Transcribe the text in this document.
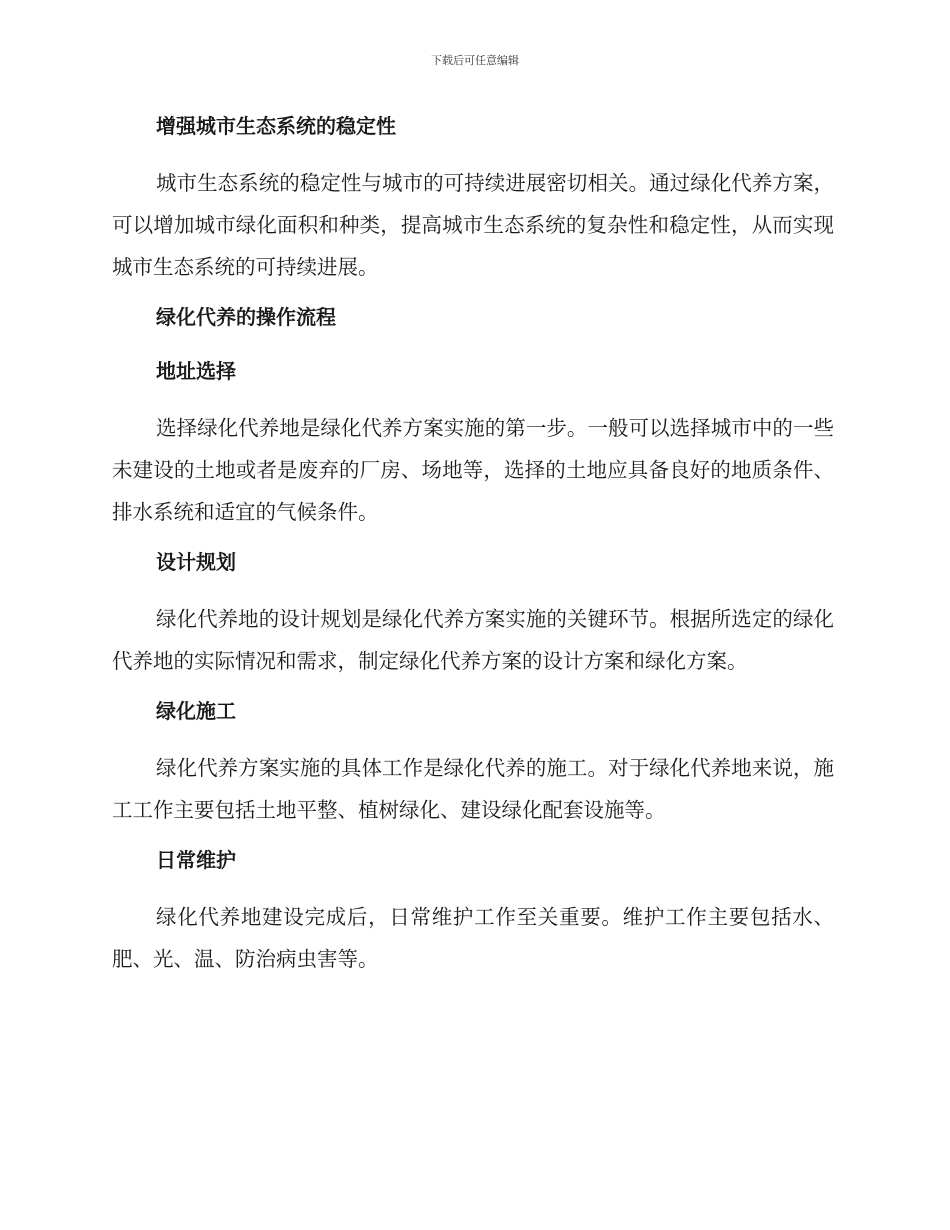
下载后可任意编辑
增强城市生态系统的稳定性
城市生态系统的稳定性与城市的可持续进展密切相关。通过绿化代养方案，可以增加城市绿化面积和种类，提高城市生态系统的复杂性和稳定性，从而实现城市生态系统的可持续进展。
绿化代养的操作流程
地址选择
选择绿化代养地是绿化代养方案实施的第一步。一般可以选择城市中的一些未建设的土地或者是废弃的厂房、场地等，选择的土地应具备良好的地质条件、排水系统和适宜的气候条件。
设计规划
绿化代养地的设计规划是绿化代养方案实施的关键环节。根据所选定的绿化代养地的实际情况和需求，制定绿化代养方案的设计方案和绿化方案。
绿化施工
绿化代养方案实施的具体工作是绿化代养的施工。对于绿化代养地来说，施工工作主要包括土地平整、植树绿化、建设绿化配套设施等。
日常维护
绿化代养地建设完成后，日常维护工作至关重要。维护工作主要包括水、肥、光、温、防治病虫害等。
